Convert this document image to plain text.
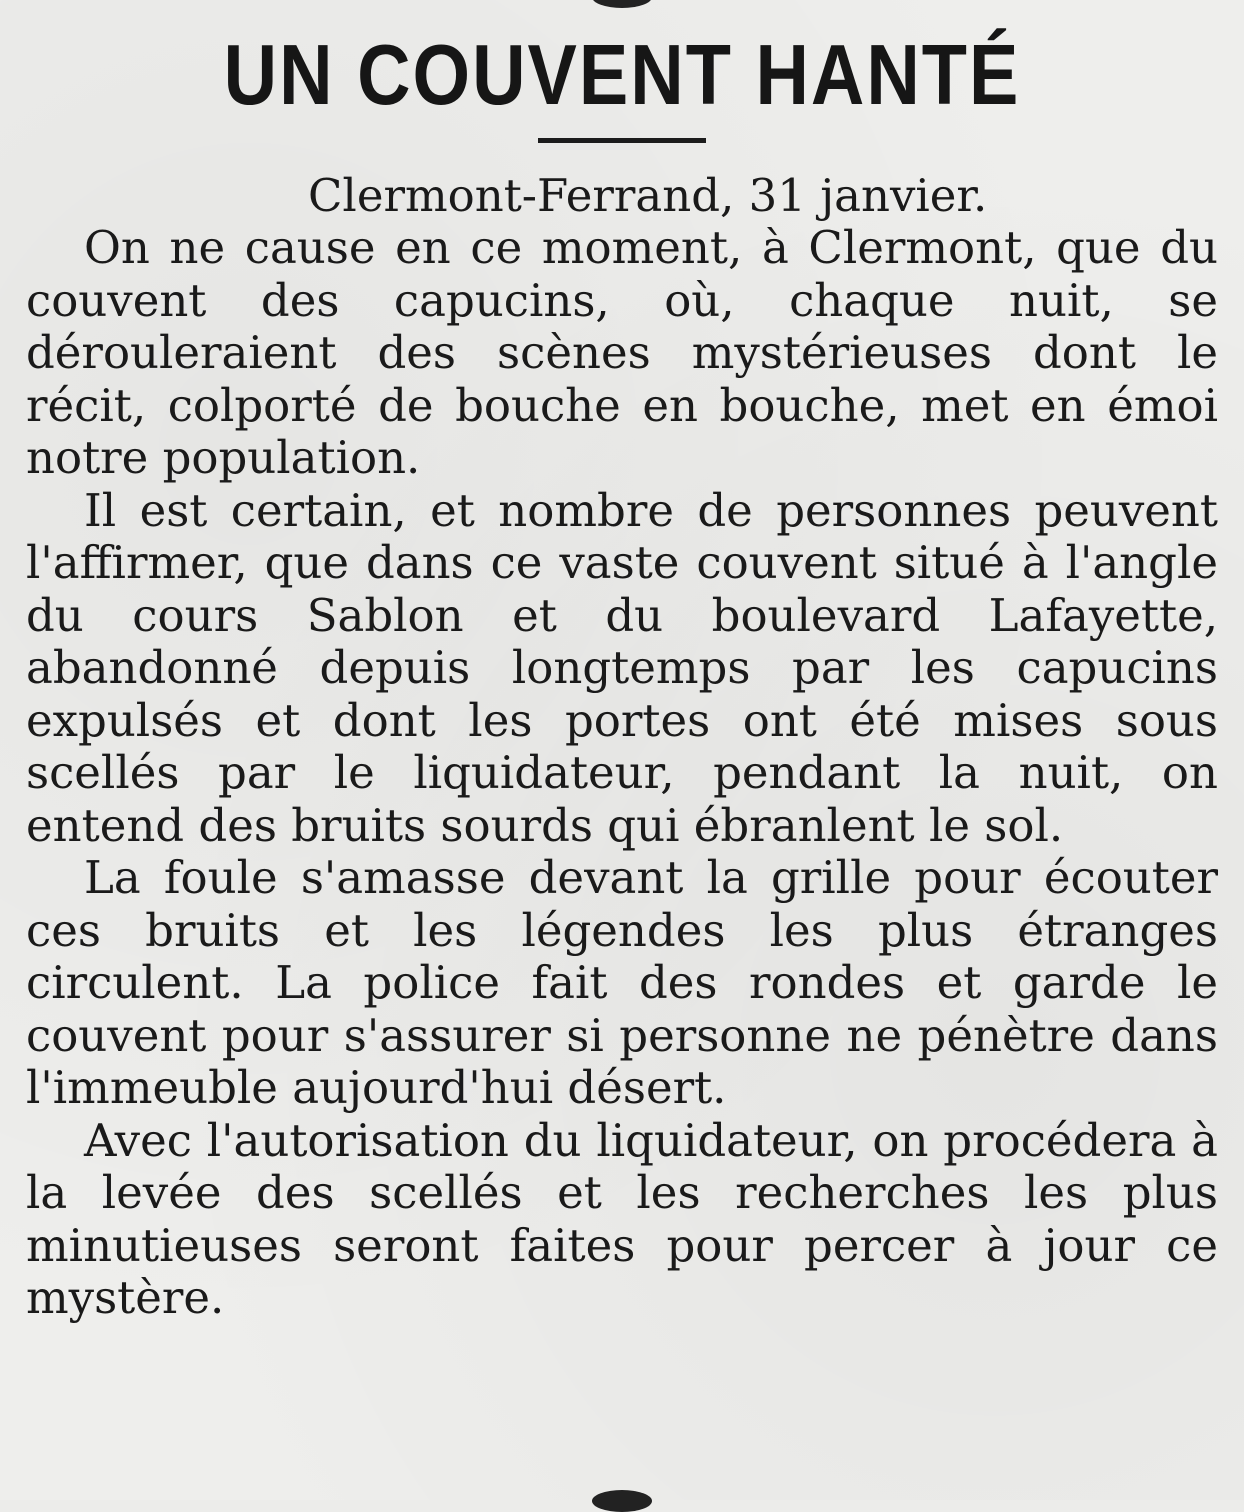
UN COUVENT HANTÉ

Clermont-Ferrand, 31 janvier.

On ne cause en ce moment, à Clermont, que du couvent des capucins, où, chaque nuit, se dérouleraient des scènes mystérieuses dont le récit, colporté de bouche en bouche, met en émoi notre population.

Il est certain, et nombre de personnes peuvent l'affirmer, que dans ce vaste couvent situé à l'angle du cours Sablon et du boulevard Lafayette, abandonné depuis longtemps par les capucins expulsés et dont les portes ont été mises sous scellés par le liquidateur, pendant la nuit, on entend des bruits sourds qui ébranlent le sol.

La foule s'amasse devant la grille pour écouter ces bruits et les légendes les plus étranges circulent. La police fait des rondes et garde le couvent pour s'assurer si personne ne pénètre dans l'immeuble aujourd'hui désert.

Avec l'autorisation du liquidateur, on procédera à la levée des scellés et les recherches les plus minutieuses seront faites pour percer à jour ce mystère.
